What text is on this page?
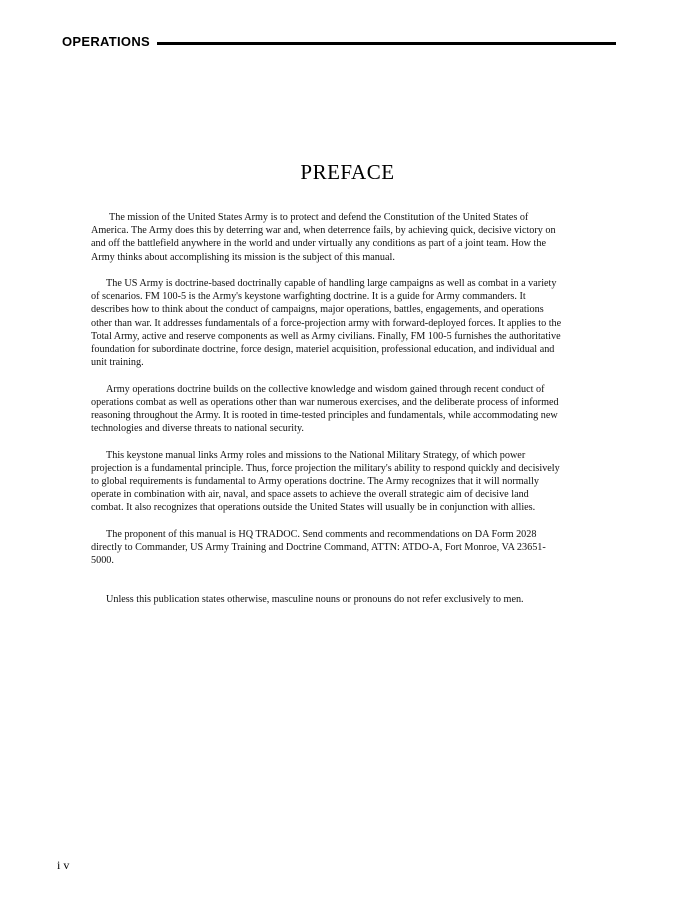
OPERATIONS
PREFACE

The mission of the United States Army is to protect and defend the Constitution of the United States of America. The Army does this by deterring war and, when deterrence fails, by achieving quick, decisive victory on and off the battlefield anywhere in the world and under virtually any conditions as part of a joint team. How the Army thinks about accomplishing its mission is the subject of this manual.

The US Army is doctrine-based doctrinally capable of handling large campaigns as well as combat in a variety of scenarios. FM 100-5 is the Army's keystone warfighting doctrine. It is a guide for Army commanders. It describes how to think about the conduct of campaigns, major operations, battles, engagements, and operations other than war. It addresses fundamentals of a force-projection army with forward-deployed forces. It applies to the Total Army, active and reserve components as well as Army civilians. Finally, FM 100-5 furnishes the authoritative foundation for subordinate doctrine, force design, materiel acquisition, professional education, and individual and unit training.

Army operations doctrine builds on the collective knowledge and wisdom gained through recent conduct of operations combat as well as operations other than war numerous exercises, and the deliberate process of informed reasoning throughout the Army. It is rooted in time-tested principles and fundamentals, while accommodating new technologies and diverse threats to national security.

This keystone manual links Army roles and missions to the National Military Strategy, of which power projection is a fundamental principle. Thus, force projection the military's ability to respond quickly and decisively to global requirements is fundamental to Army operations doctrine. The Army recognizes that it will normally operate in combination with air, naval, and space assets to achieve the overall strategic aim of decisive land combat. It also recognizes that operations outside the United States will usually be in conjunction with allies.

The proponent of this manual is HQ TRADOC. Send comments and recommendations on DA Form 2028 directly to Commander, US Army Training and Doctrine Command, ATTN: ATDO-A, Fort Monroe, VA 23651-5000.

Unless this publication states otherwise, masculine nouns or pronouns do not refer exclusively to men.

iv
